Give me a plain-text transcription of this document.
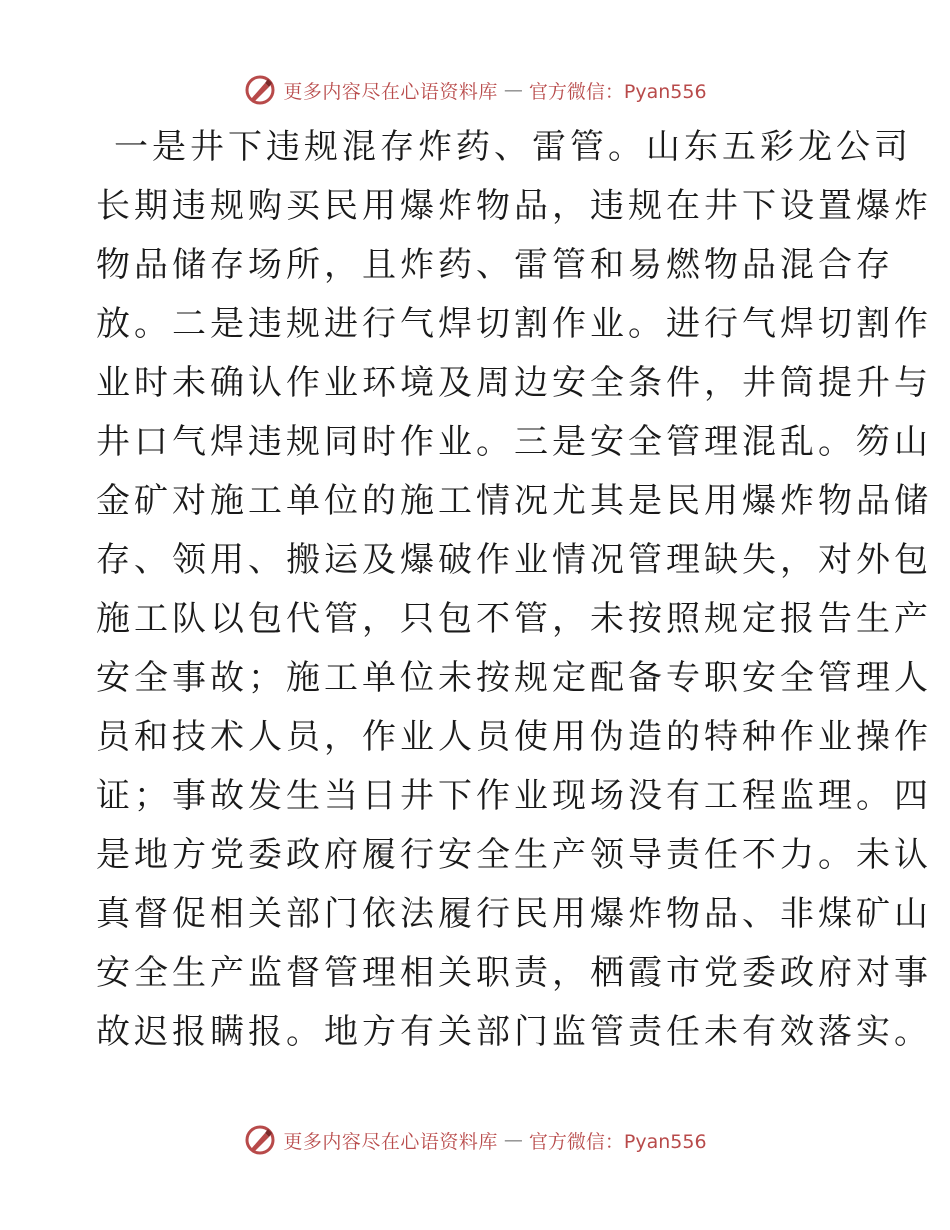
更多内容尽在心语资料库 — 官方微信：Pyan556
一是井下违规混存炸药、雷管。山东五彩龙公司
长期违规购买民用爆炸物品，违规在井下设置爆炸
物品储存场所，且炸药、雷管和易燃物品混合存
放。二是违规进行气焊切割作业。进行气焊切割作
业时未确认作业环境及周边安全条件，井筒提升与
井口气焊违规同时作业。三是安全管理混乱。笏山
金矿对施工单位的施工情况尤其是民用爆炸物品储
存、领用、搬运及爆破作业情况管理缺失，对外包
施工队以包代管，只包不管，未按照规定报告生产
安全事故；施工单位未按规定配备专职安全管理人
员和技术人员，作业人员使用伪造的特种作业操作
证；事故发生当日井下作业现场没有工程监理。四
是地方党委政府履行安全生产领导责任不力。未认
真督促相关部门依法履行民用爆炸物品、非煤矿山
安全生产监督管理相关职责，栖霞市党委政府对事
故迟报瞒报。地方有关部门监管责任未有效落实。
更多内容尽在心语资料库 — 官方微信：Pyan556
